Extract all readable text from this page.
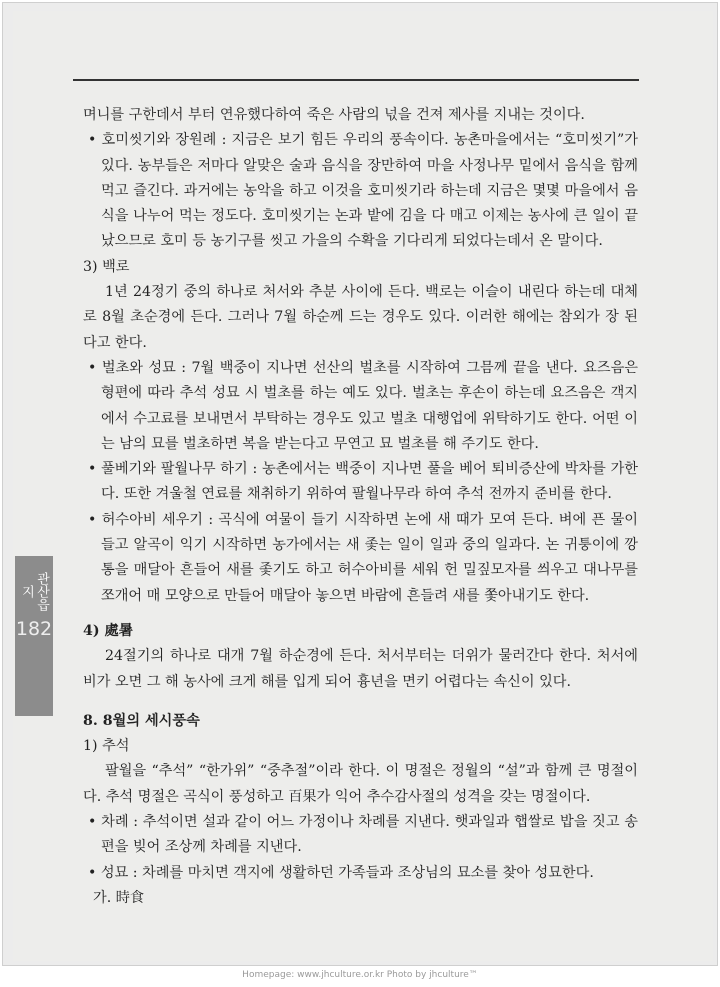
관산읍지
182

며니를 구한데서 부터 연유했다하여 죽은 사람의 넋을 건져 제사를 지내는 것이다.

• 호미씻기와 장원례 : 지금은 보기 힘든 우리의 풍속이다. 농촌마을에서는 “호미씻기”가 있다. 농부들은 저마다 알맞은 술과 음식을 장만하여 마을 사정나무 밑에서 음식을 함께 먹고 즐긴다. 과거에는 농악을 하고 이것을 호미씻기라 하는데 지금은 몇몇 마을에서 음식을 나누어 먹는 정도다. 호미씻기는 논과 밭에 김을 다 매고 이제는 농사에 큰 일이 끝났으므로 호미 등 농기구를 씻고 가을의 수확을 기다리게 되었다는데서 온 말이다.

3) 백로

1년 24정기 중의 하나로 처서와 추분 사이에 든다. 백로는 이슬이 내린다 하는데 대체로 8월 초순경에 든다. 그러나 7월 하순께 드는 경우도 있다. 이러한 해에는 참외가 장 된다고 한다.

• 벌초와 성묘 : 7월 백중이 지나면 선산의 벌초를 시작하여 그믐께 끝을 낸다. 요즈음은 형편에 따라 추석 성묘 시 벌초를 하는 예도 있다. 벌초는 후손이 하는데 요즈음은 객지에서 수고료를 보내면서 부탁하는 경우도 있고 벌초 대행업에 위탁하기도 한다. 어떤 이는 남의 묘를 벌초하면 복을 받는다고 무연고 묘 벌초를 해 주기도 한다.

• 풀베기와 팔월나무 하기 : 농촌에서는 백중이 지나면 풀을 베어 퇴비증산에 박차를 가한다. 또한 겨울철 연료를 채취하기 위하여 팔월나무라 하여 추석 전까지 준비를 한다.

• 허수아비 세우기 : 곡식에 여물이 들기 시작하면 논에 새 때가 모여 든다. 벼에 픈 물이 들고 알곡이 익기 시작하면 농가에서는 새 좇는 일이 일과 중의 일과다. 논 귀퉁이에 깡통을 매달아 흔들어 새를 좇기도 하고 허수아비를 세워 헌 밀짚모자를 씌우고 대나무를 쪼개어 매 모양으로 만들어 매달아 놓으면 바람에 흔들려 새를 쫓아내기도 한다.

4) 處暑

24절기의 하나로 대개 7월 하순경에 든다. 처서부터는 더위가 물러간다 한다. 처서에 비가 오면 그 해 농사에 크게 해를 입게 되어 흉년을 면키 어렵다는 속신이 있다.

8. 8월의 세시풍속

1) 추석

팔월을 “추석” “한가위” “중추절”이라 한다. 이 명절은 정월의 “설”과 함께 큰 명절이다. 추석 명절은 곡식이 풍성하고 百果가 익어 추수감사절의 성격을 갖는 명절이다.

• 차례 : 추석이면 설과 같이 어느 가정이나 차례를 지낸다. 햇과일과 햅쌀로 밥을 짓고 송편을 빚어 조상께 차례를 지낸다.

• 성묘 : 차례를 마치면 객지에 생활하던 가족들과 조상님의 묘소를 찾아 성묘한다.

가. 時食

Homepage: www.jhculture.or.kr Photo by jhculture™
